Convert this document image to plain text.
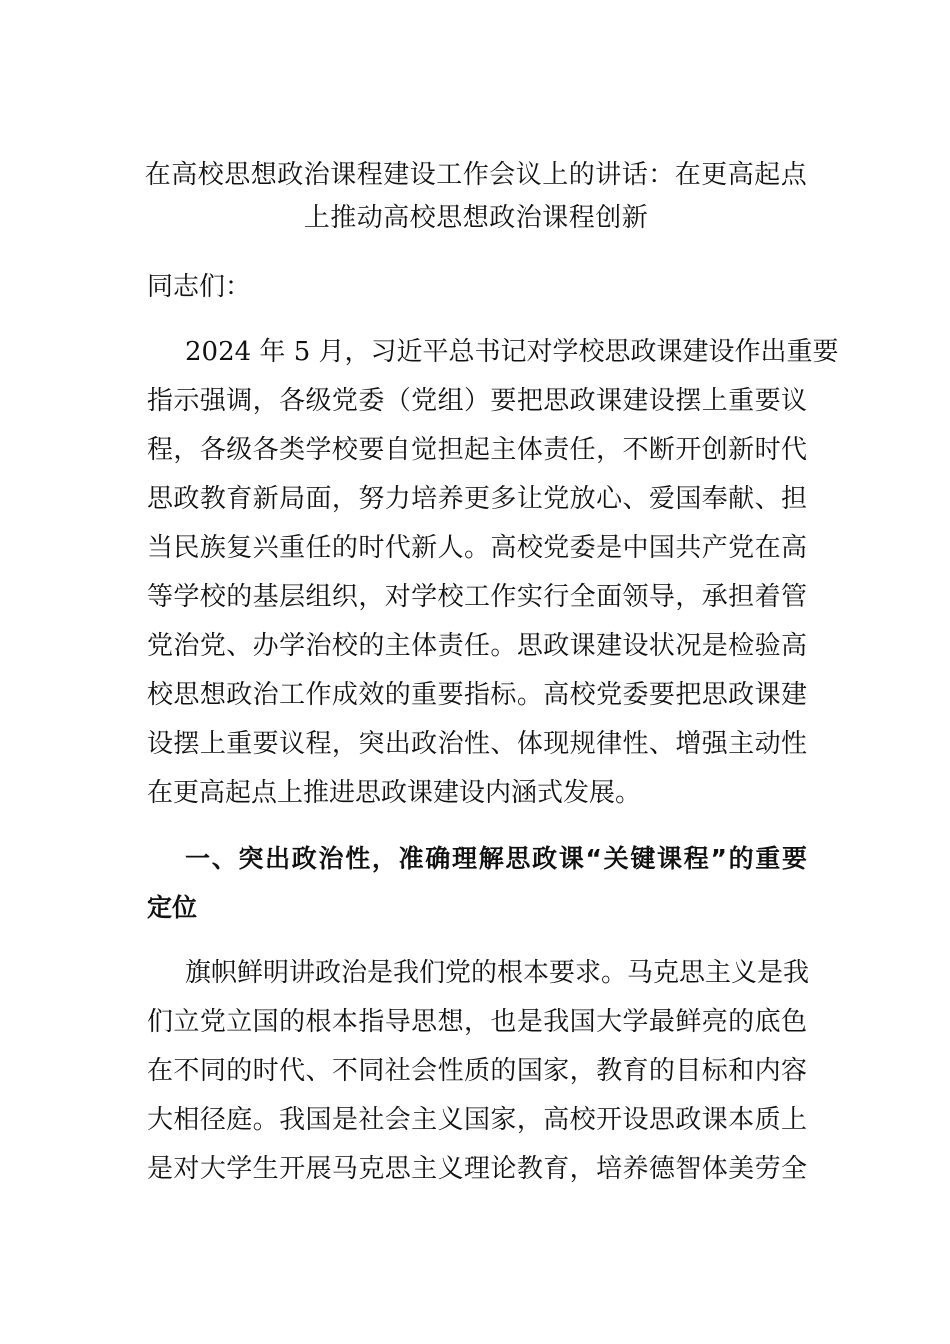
在高校思想政治课程建设工作会议上的讲话：在更高起点
上推动高校思想政治课程创新
同志们：
2024 年 5 月，习近平总书记对学校思政课建设作出重要
指示强调，各级党委（党组）要把思政课建设摆上重要议
程，各级各类学校要自觉担起主体责任，不断开创新时代
思政教育新局面，努力培养更多让党放心、爱国奉献、担
当民族复兴重任的时代新人。高校党委是中国共产党在高
等学校的基层组织，对学校工作实行全面领导，承担着管
党治党、办学治校的主体责任。思政课建设状况是检验高
校思想政治工作成效的重要指标。高校党委要把思政课建
设摆上重要议程，突出政治性、体现规律性、增强主动性
在更高起点上推进思政课建设内涵式发展。
一、突出政治性，准确理解思政课“关键课程”的重要
定位
旗帜鲜明讲政治是我们党的根本要求。马克思主义是我
们立党立国的根本指导思想，也是我国大学最鲜亮的底色
在不同的时代、不同社会性质的国家，教育的目标和内容
大相径庭。我国是社会主义国家，高校开设思政课本质上
是对大学生开展马克思主义理论教育，培养德智体美劳全
